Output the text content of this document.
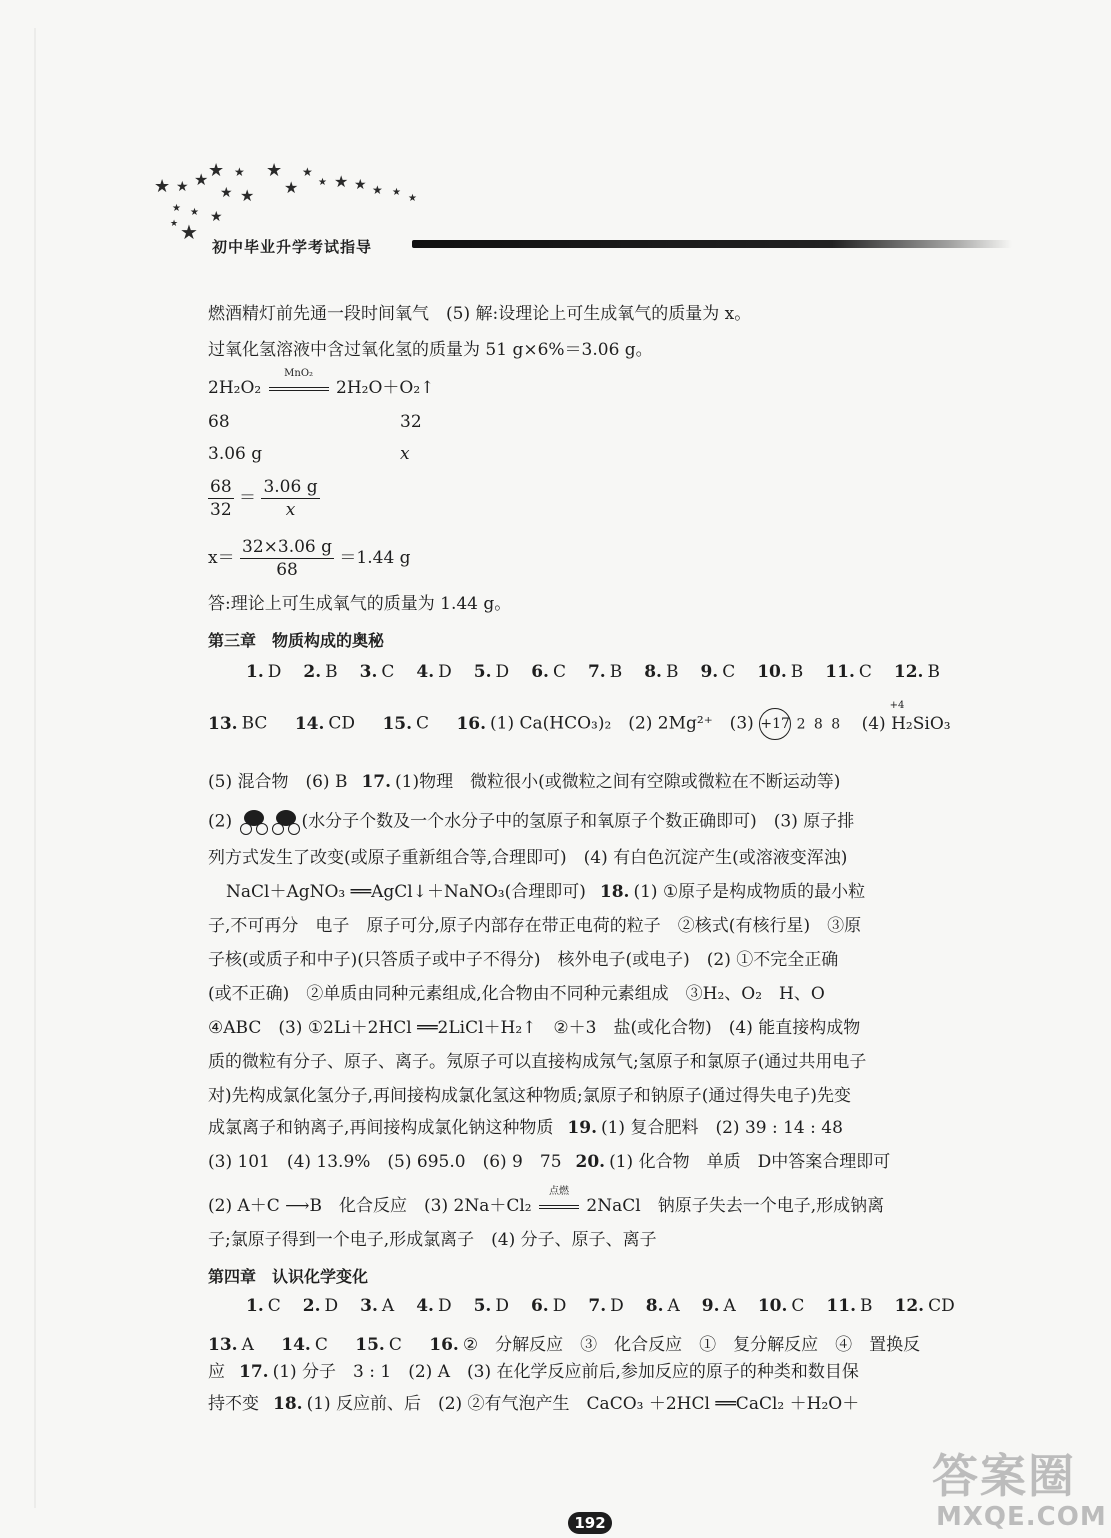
★ ★ ★ ★ ★
★ ★
★
★
★
★ ★ ★ ★ ★
★
★ ★ ★
★
★
初中毕业升学考试指导
燃酒精灯前先通一段时间氧气　(5) 解:设理论上可生成氧气的质量为 x。
过氧化氢溶液中含过氧化氢的质量为 51 g×6%＝3.06 g。
2H₂O₂
MnO₂
2H₂O＋O₂↑
68	32
3.06 g	x
$\frac{68}{32} = \frac{3.06 g}{x}$
$x= \frac{32\times 3.06 g}{68} =1.44$ g
答:理论上可生成氧气的质量为 1.44 g。
第三章　物质构成的奥秘
1. D 2. B 3. C 4. D 5. D 6. C 7. B 8. B 9. C 10. B 11. C 12. B
13. BC 14. CD 15. C 16. (1) Ca(HCO₃)₂　(2) 2Mg²⁺　(3) +17 2 8 8
+4
(4) H₂SiO₃
(5) 混合物　(6) B 17. (1)物理　微粒很小(或微粒之间有空隙或微粒在不断运动等)
(2)	(水分子个数及一个水分子中的氢原子和氧原子个数正确即可)　(3) 原子排
列方式发生了改变(或原子重新组合等,合理即可)　(4) 有白色沉淀产生(或溶液变浑浊)
NaCl＋AgNO₃ ══AgCl↓＋NaNO₃(合理即可) 18. (1) ①原子是构成物质的最小粒
子,不可再分　电子　原子可分,原子内部存在带正电荷的粒子　②核式(有核行星)　③原
子核(或质子和中子)(只答质子或中子不得分)　核外电子(或电子)　(2) ①不完全正确
(或不正确)　②单质由同种元素组成,化合物由不同种元素组成　③H₂、O₂　H、O
④ABC　(3) ①2Li＋2HCl ══2LiCl＋H₂↑　②＋3　盐(或化合物)　(4) 能直接构成物
质的微粒有分子、原子、离子。氖原子可以直接构成氖气;氢原子和氯原子(通过共用电子
对)先构成氯化氢分子,再间接构成氯化氢这种物质;氯原子和钠原子(通过得失电子)先变
成氯离子和钠离子,再间接构成氯化钠这种物质 19. (1) 复合肥料　(2) 39 : 14 : 48
(3) 101　(4) 13.9%　(5) 695.0　(6) 9　75 20. (1) 化合物　单质　D中答案合理即可
(2) A＋C ⟶B　化合反应　(3) 2Na＋Cl₂
点燃
2NaCl　钠原子失去一个电子,形成钠离
子;氯原子得到一个电子,形成氯离子　(4) 分子、原子、离子
第四章　认识化学变化
1. C 2. D 3. A 4. D 5. D 6. D 7. D 8. A 9. A 10. C 11. B 12. CD
13. A 14. C 15. C 16. ②　分解反应　③　化合反应　①　复分解反应　④　置换反
应 17. (1) 分子　3 : 1　(2) A　(3) 在化学反应前后,参加反应的原子的种类和数目保
持不变 18. (1) 反应前、后　(2) ②有气泡产生　CaCO₃ ＋2HCl ══CaCl₂ ＋H₂O＋
192
答案圈
MXQE.COM
